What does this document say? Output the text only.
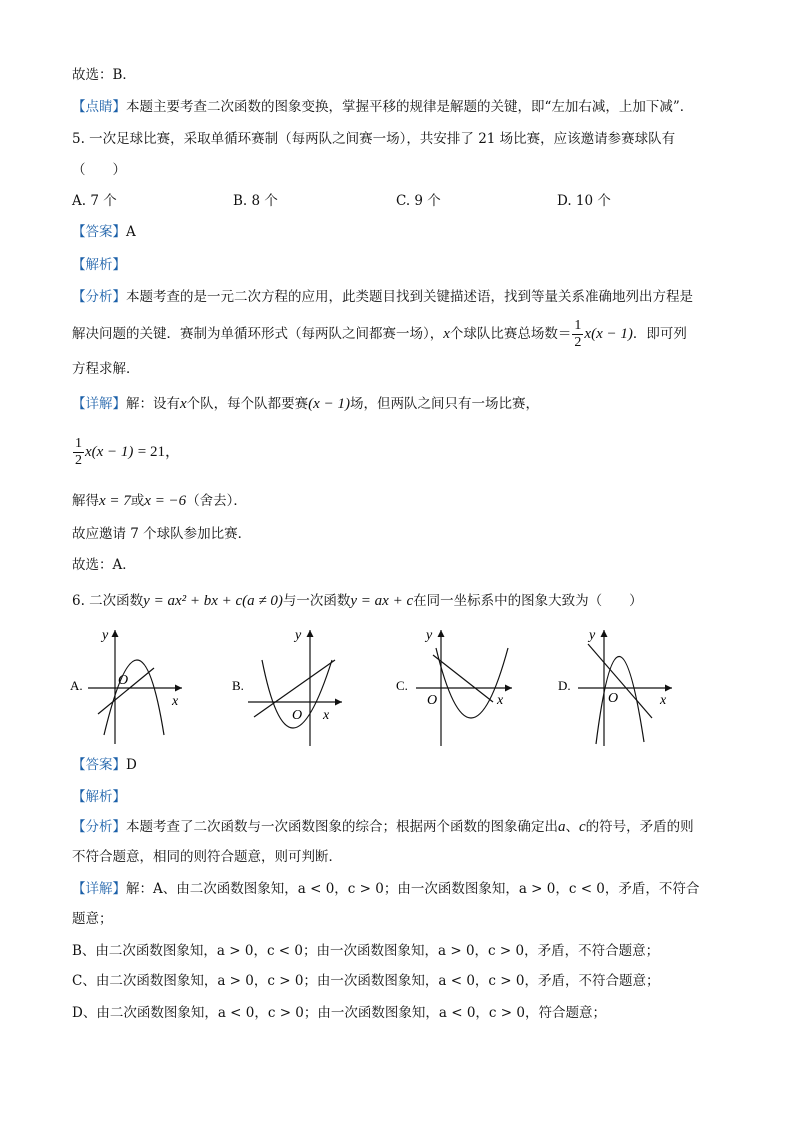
故选：B．
【点睛】本题主要考查二次函数的图象变换，掌握平移的规律是解题的关键，即“左加右减，上加下减”．
5. 一次足球比赛，采取单循环赛制（每两队之间赛一场），共安排了 21 场比赛，应该邀请参赛球队有
（　　）
A. 7 个	B. 8 个	C. 9 个	D. 10 个
【答案】A
【解析】
【分析】本题考查的是一元二次方程的应用，此类题目找到关键描述语，找到等量关系准确地列出方程是
解决问题的关键．赛制为单循环形式（每两队之间都赛一场），x个球队比赛总场数＝ $\frac{1}{2} x(x - 1)$．即可列
方程求解．
【详解】解：设有x个队，每个队都要赛(x − 1)场，但两队之间只有一场比赛，
$\frac{1}{2} x(x - 1) = 21$，
解得x = 7或x = −6（舍去）．
故应邀请 7 个球队参加比赛．
故选：A．
6. 二次函数y = ax² + bx + c(a ≠ 0)与一次函数y = ax + c在同一坐标系中的图象大致为（　　）
A.
y
x
O	B.
y
x
O
C.
y
x
O
D.
y
x
O
【答案】D
【解析】
【分析】本题考查了二次函数与一次函数图象的综合；根据两个函数的图象确定出a、c的符号，矛盾的则
不符合题意，相同的则符合题意，则可判断．
【详解】解：A、由二次函数图象知，a < 0，c > 0；由一次函数图象知，a > 0，c < 0，矛盾，不符合
题意；
B、由二次函数图象知，a > 0，c < 0；由一次函数图象知，a > 0，c > 0，矛盾，不符合题意；
C、由二次函数图象知，a > 0，c > 0；由一次函数图象知，a < 0，c > 0，矛盾，不符合题意；
D、由二次函数图象知，a < 0，c > 0；由一次函数图象知，a < 0，c > 0，符合题意；
